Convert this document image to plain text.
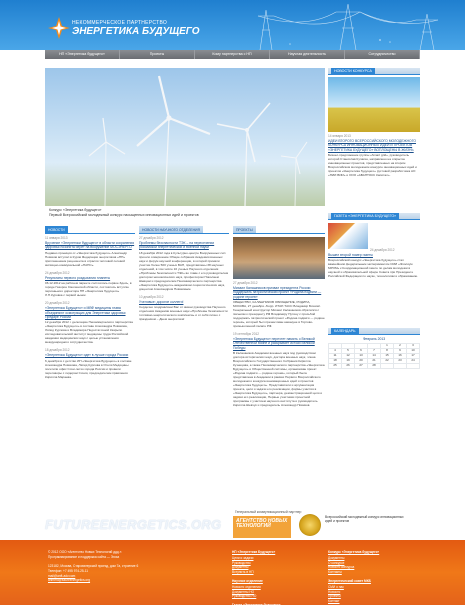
НЕКОММЕРЧЕСКОЕ ПАРТНЕРСТВО
ЭНЕРГЕТИКА БУДУЩЕГО
НП «Энергетика будущего»	Проекты	Кому партнерства с НП	Научная деятельность	Сотрудничество
Конкурс «Энергетика будущего»
Первый Всероссийский молодежный конкурс насыщенных инновационных идей и проектов
НОВОСТИ КОНКУРСА
14 января 2013
ИДЕИ ВТОРОГО ВСЕРОССИЙСКОГО МОЛОДЕЖНОГО КОНКУРСА ИННОВАЦИОННЫХ ИДЕЙ И ПРОЕКТОВ «ЭНЕРГЕТИКА БУДУЩЕГО» ВОПЛОЩЕНЫ В ЖИЗНЬ
Бизнес-предложение группы «Smart grid», руководитель которой Станислав Кулагин, направлено на открытие инновационных проектов, представленных на втором Всероссийском молодежном конкурсе инновационных идей и проектов «Энергетика будущего» рустовой разработчика АО «НИИ ВИИ» и ООО «АВАНТОКС Капитал».
ГАЗЕТА «ЭНЕРГЕТИКА БУДУЩЕГО»
24 декабря 2012
Вышел второй номер газеты
Всероссийский конкурс «Энергетика будущего» стал важнейшим федеральным экспериментом СМИ «Эполиум МРОМ» к Координационной газете по делам молодежи в научной и образовательной сфере Совета при Президенте Российской Федерации по науке, технологиям и образованию.
КАЛЕНДАРЬ
Февраль 2013
				1	2	3
4	5	6	7	8	9	10
11	12	13	14	15	16	17
18	19	20	21	22	23	24
25	26	27	28			
НОВОСТИ
11 января 2013
Вручение «Энергетики будущего» в области сохранения здоровья позонита берет на вооружение МОСЭНЕРГО
Недавно проекция от «Энергетика будущего» Александр Новиков вступил в Куров Федерации энергетиков «ПН» приглашением рецензента в отрасли тепловой сетевой жилищно-коммунальной «ПАНС».
24 декабря 2012
Результаты первого роздыхания планеты
06.12.2012 на рабочем паренте состоялось первое Здесь, в городе Газорон Смоленской области, состоялось вступлю периоаьного директора НП «Энергетика будущего» Л.Н.Куровка с первой нынок.
20 декабря 2012
«Энергетика Будущего» и МВФ медицины глава объединяют осмотрящих для Энергетики здоровья Предаре России
12 декабря 2012 г. делегацию Некоммерческого партнерства «Энергетика Будущего» в составе Александра Новикова, Ляпид Курлова и Владимира Недостаточной Казрыпо исследовательский институт медицины труда Российской академии медицинских наук с целью установления международного сотрудничества.
18 декабря 2012
«Энергетика Будущего» идет в лучше города России
6 декабря в с детство ИП «Энергетика Будущего» в составе Александра Новикова, Ляпид Курлова в Отеля Медицины посетили офис Сочи-летко города России и провели переговоры с лидером Сочия, председателем правления Кирилла Мараева.
НОВОСТИ НАУЧНОГО ОТДЕЛЕНИЯ
27 декабря 2012
Проблемы безопасности ТЭК – на пересечении российской энергетической и военной науки
18 декабря 2012 года в Культурно-центре Вооруженных сил прошло совершение Общие собрания Академии военных наук и форум научной конференции, в которой приняли участие более 500 ученых ВАН, представлены 38 научных отделений, в том числе 10 ученых Научного отделения «Проблемы безопасности ТЭК» во главе с его руководителем доктором экономических наук, профессором Николаем Шевцом и председателем Некоммерческого партнерства «Энергетика Будущего» академиком социологических наук, доцентом Александром Новиковым.
10 декабря 2012
Учеловые: дорогие коллеги!
Сердечно поздравляем Вас от имени руководства Научного отделения Академии военных наук «Проблемы безопасности топливно-энергетического комплекса» и от себя лично с праздником – Днем энергетика!
ПРОЕКТЫ
27 декабря 2012
Михаил Калашников призвал президента России поддержать патриотический проект «Родина подвиги — родине героев»
ОБЩЕСТВО, КАЛАШНИКОВ ОБРАЩЕНИЕ, РОДИНА, МОСКВА, 27 декабря. /Корр. ИТАР-ТАСС Владимир Бочков/. Генеральный конструктор Михаил Калашников обратился с письмом к президенту РФ Владимиру Путину с просьбой поддержать патриотический проект «Родина подвиги — родине героев», который был презентован накануне в Торгово-промышленной палате РФ.
19 сентября 2012
«Энергетика Будущего» перечтет память о Великой Отечественной войне и раскрывает истоки Великой Победы
В Калашников Академии военных наук под руководством доктора исторических наук, доктора военных наук, члена Всероссийского Государственного Собрания Кирилла Кузнецова, а также Некоммерческого партнерства «Энергетика Будущего» и Общественной системы, организован проект «Родина подвиги — родине героев», который была представлена в Академии в рамках Первого Всероссийского молодежного конкурса инновационных идей и проектов «Энергетика будущего». Представители и аргументация проекта, цели и задачи его реализации, формы участия в «Энергетика Будущего», партнера, демонстрационной цели и задачи его реализации, Первые участники проектной программы с участием научного института и руководитель Кирилла Шевчук и председатель Александр Новиков.
FUTUREENERGETICS.ORG
Генеральный коммуникационный партнер
АГЕНТСТВО НОВЫХ ТЕХНОЛОГИЙ
Всероссийский молодежный конкурс инновационных идей и проектов
© 2012 ООО «Агентство Новых Технологий ддд.».
Программирование и поддержка сайта — Эгоза
123182, Москва, Староватерский проезд, дом 7а, строение 6
Телефон: +7 495 974-25-11
mail@anft-adv.com
ahmeni@futureenergetics.org
НП «Энергетика Будущего»
Цели и задачи
Руководство
Документы
Вступить в НП
Научное отделение
Новости отделения
Документы НО
Руководство НО
Газета «Энергетика будущего»
Конкурс «Энергетика будущего»
Документы
О конкурсе
Новости конкурса
Контакты
Энергетический совет МКБ
СМИ о нас
Новости
Проекты
Контакт
